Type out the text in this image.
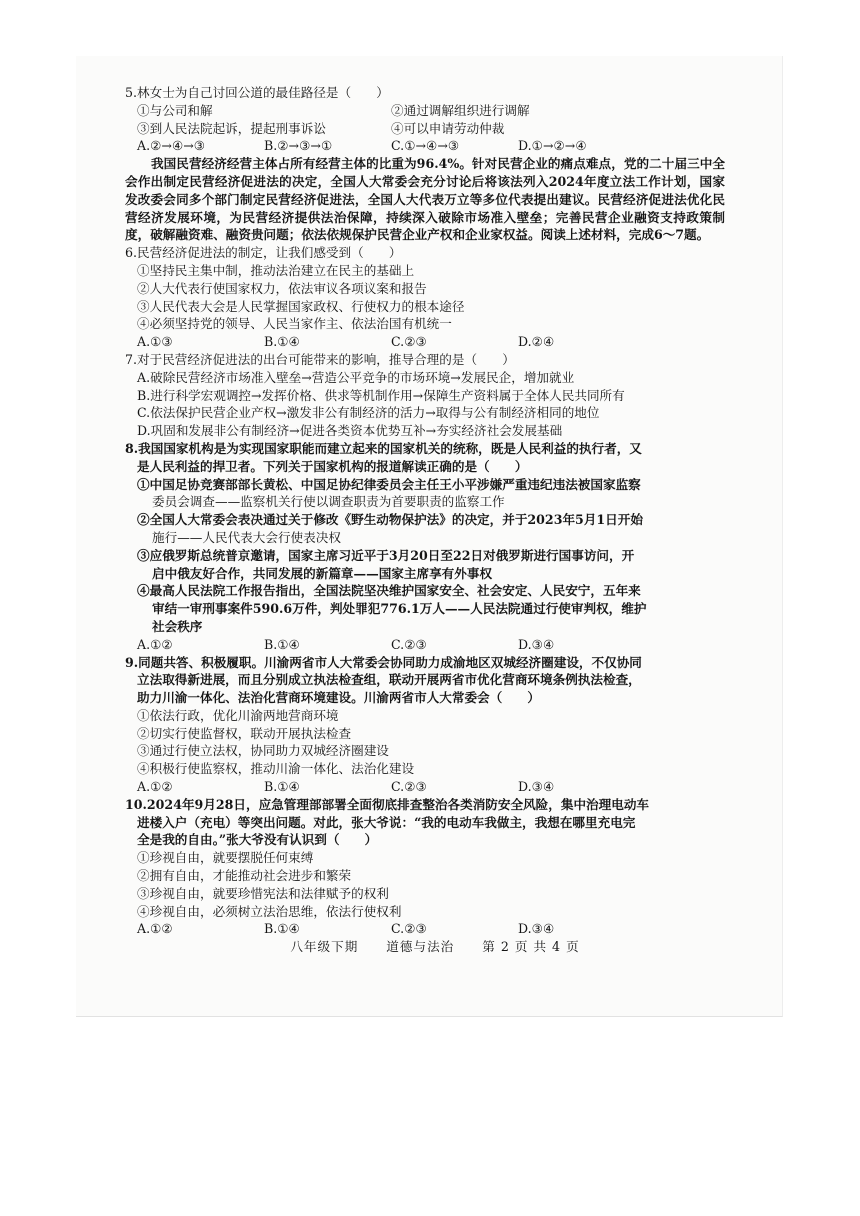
5.林女士为自己讨回公道的最佳路径是（　　）
①与公司和解	②通过调解组织进行调解
③到人民法院起诉，提起刑事诉讼	④可以申请劳动仲裁
A.②→④→③	B.②→③→①	C.①→④→③	D.①→②→④
我国民营经济经营主体占所有经营主体的比重为96.4%。针对民营企业的痛点难点，党的二十届三中全会作出制定民营经济促进法的决定，全国人大常委会充分讨论后将该法列入2024年度立法工作计划，国家发改委会同多个部门制定民营经济促进法，全国人大代表万立等多位代表提出建议。民营经济促进法优化民营经济发展环境，为民营经济提供法治保障，持续深入破除市场准入壁垒；完善民营企业融资支持政策制度，破解融资难、融资贵问题；依法依规保护民营企业产权和企业家权益。阅读上述材料，完成6～7题。
6.民营经济促进法的制定，让我们感受到（　　）
①坚持民主集中制，推动法治建立在民主的基础上
②人大代表行使国家权力，依法审议各项议案和报告
③人民代表大会是人民掌握国家政权、行使权力的根本途径
④必须坚持党的领导、人民当家作主、依法治国有机统一
A.①③	B.①④	C.②③	D.②④
7.对于民营经济促进法的出台可能带来的影响，推导合理的是（　　）
A.破除民营经济市场准入壁垒→营造公平竞争的市场环境→发展民企，增加就业
B.进行科学宏观调控→发挥价格、供求等机制作用→保障生产资料属于全体人民共同所有
C.依法保护民营企业产权→激发非公有制经济的活力→取得与公有制经济相同的地位
D.巩固和发展非公有制经济→促进各类资本优势互补→夯实经济社会发展基础
8.我国国家机构是为实现国家职能而建立起来的国家机关的统称，既是人民利益的执行者，又
是人民利益的捍卫者。下列关于国家机构的报道解读正确的是（　　）
①中国足协竞赛部部长黄松、中国足协纪律委员会主任王小平涉嫌严重违纪违法被国家监察
委员会调查——监察机关行使以调查职责为首要职责的监察工作
②全国人大常委会表决通过关于修改《野生动物保护法》的决定，并于2023年5月1日开始
施行——人民代表大会行使表决权
③应俄罗斯总统普京邀请，国家主席习近平于3月20日至22日对俄罗斯进行国事访问，开
启中俄友好合作，共同发展的新篇章——国家主席享有外事权
④最高人民法院工作报告指出，全国法院坚决维护国家安全、社会安定、人民安宁，五年来
审结一审刑事案件590.6万件，判处罪犯776.1万人——人民法院通过行使审判权，维护
社会秩序
A.①②	B.①④	C.②③	D.③④
9.同题共答、积极履职。川渝两省市人大常委会协同助力成渝地区双城经济圈建设，不仅协同
立法取得新进展，而且分别成立执法检查组，联动开展两省市优化营商环境条例执法检查，
助力川渝一体化、法治化营商环境建设。川渝两省市人大常委会（　　）
①依法行政，优化川渝两地营商环境
②切实行使监督权，联动开展执法检查
③通过行使立法权，协同助力双城经济圈建设
④积极行使监察权，推动川渝一体化、法治化建设
A.①②	B.①④	C.②③	D.③④
10.2024年9月28日，应急管理部部署全面彻底排查整治各类消防安全风险，集中治理电动车
进楼入户（充电）等突出问题。对此，张大爷说：“我的电动车我做主，我想在哪里充电完
全是我的自由。”张大爷没有认识到（　　）
①珍视自由，就要摆脱任何束缚
②拥有自由，才能推动社会进步和繁荣
③珍视自由，就要珍惜宪法和法律赋予的权利
④珍视自由，必须树立法治思维，依法行使权利
A.①②	B.①④	C.②③	D.③④
八年级下期 道德与法治 第 2 页 共 4 页
